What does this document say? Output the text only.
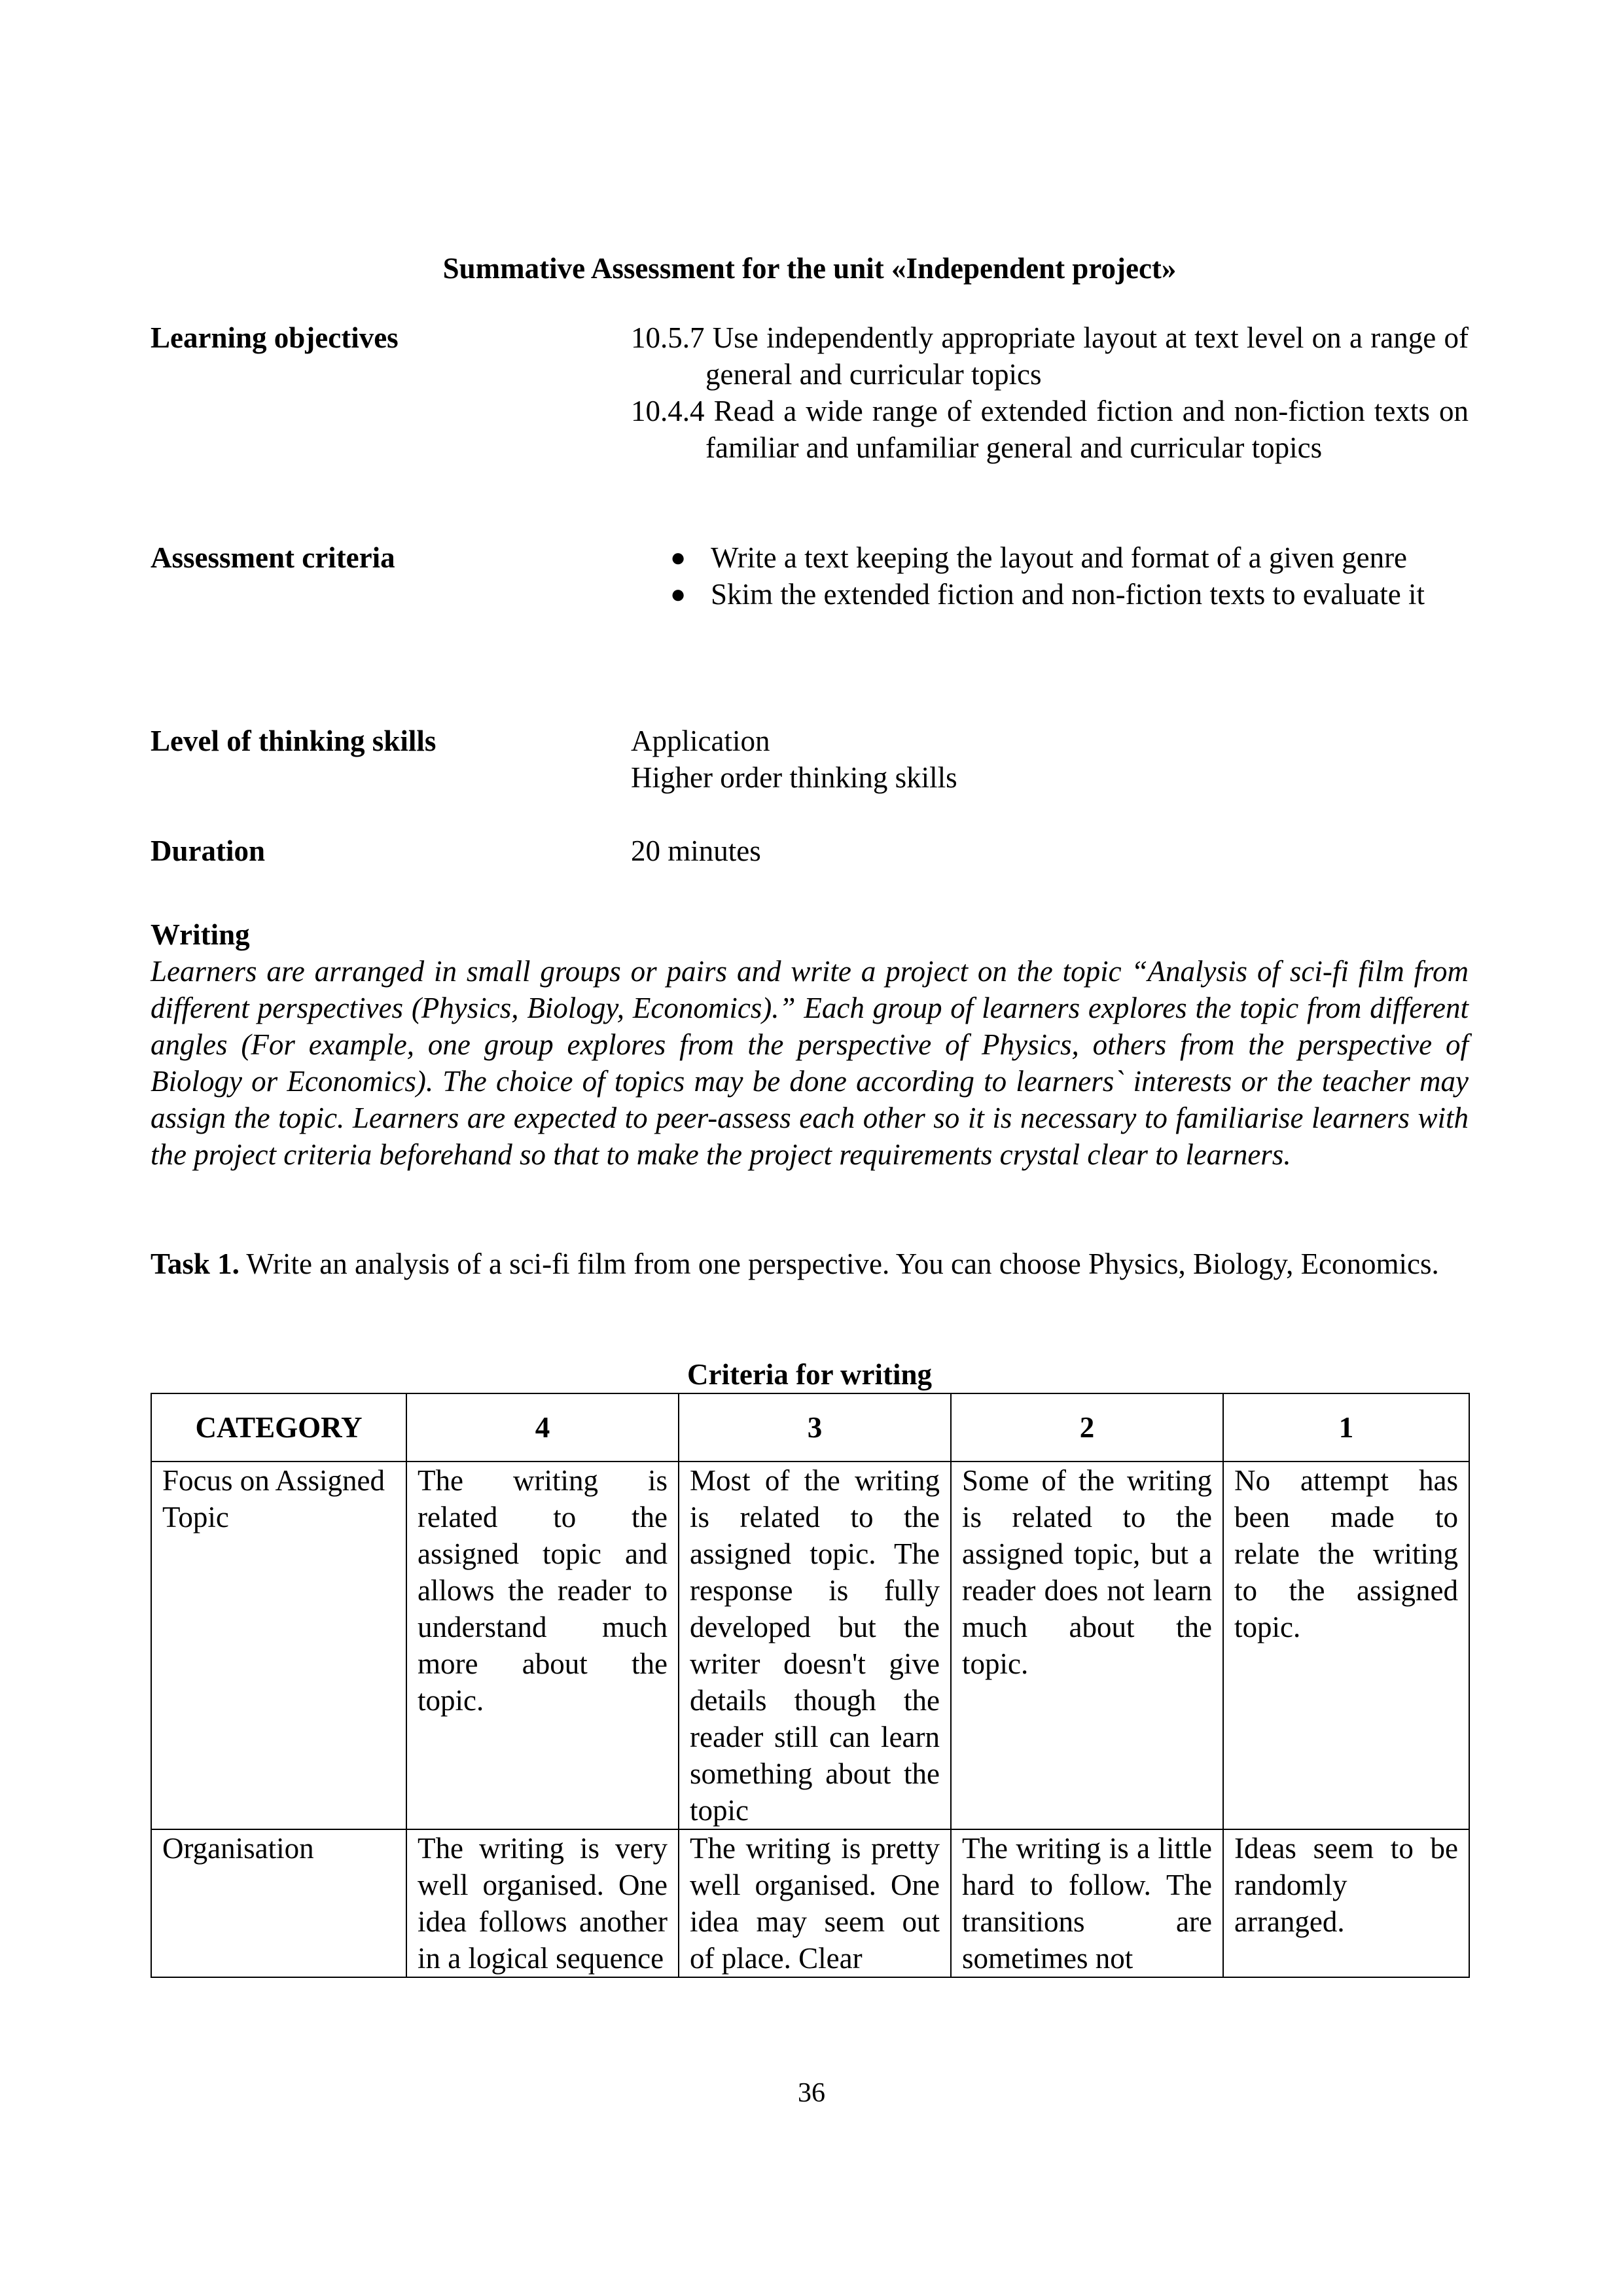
Summative Assessment for the unit «Independent project»
Learning objectives	10.5.7 Use independently appropriate layout at text level on a range of general and curricular topics
10.4.4 Read a wide range of extended fiction and non-fiction texts on familiar and unfamiliar general and curricular topics
Assessment criteria	● Write a text keeping the layout and format of a given genre
● Skim the extended fiction and non-fiction texts to evaluate it
Level of thinking skills	Application
Higher order thinking skills
Duration	20 minutes
Writing
Learners are arranged in small groups or pairs and write a project on the topic “Analysis of sci-fi film from different perspectives (Physics, Biology, Economics).” Each group of learners explores the topic from different angles (For example, one group explores from the perspective of Physics, others from the perspective of Biology or Economics). The choice of topics may be done according to learners` interests or the teacher may assign the topic. Learners are expected to peer-assess each other so it is necessary to familiarise learners with the project criteria beforehand so that to make the project requirements crystal clear to learners.
Task 1. Write an analysis of a sci-fi film from one perspective. You can choose Physics, Biology, Economics.
Criteria for writing
CATEGORY	4	3	2	1
Focus on Assigned Topic	The writing is related to the assigned topic and allows the reader to understand much more about the topic.	Most of the writing is related to the assigned topic. The response is fully developed but the writer doesn't give details though the reader still can learn something about the topic	Some of the writing is related to the assigned topic, but a reader does not learn much about the topic.	No attempt has been made to relate the writing to the assigned topic.
Organisation	The writing is very well organised. One idea follows another in a logical sequence	The writing is pretty well organised. One idea may seem out of place. Clear	The writing is a little hard to follow. The transitions are sometimes not	Ideas seem to be randomly arranged.
36
